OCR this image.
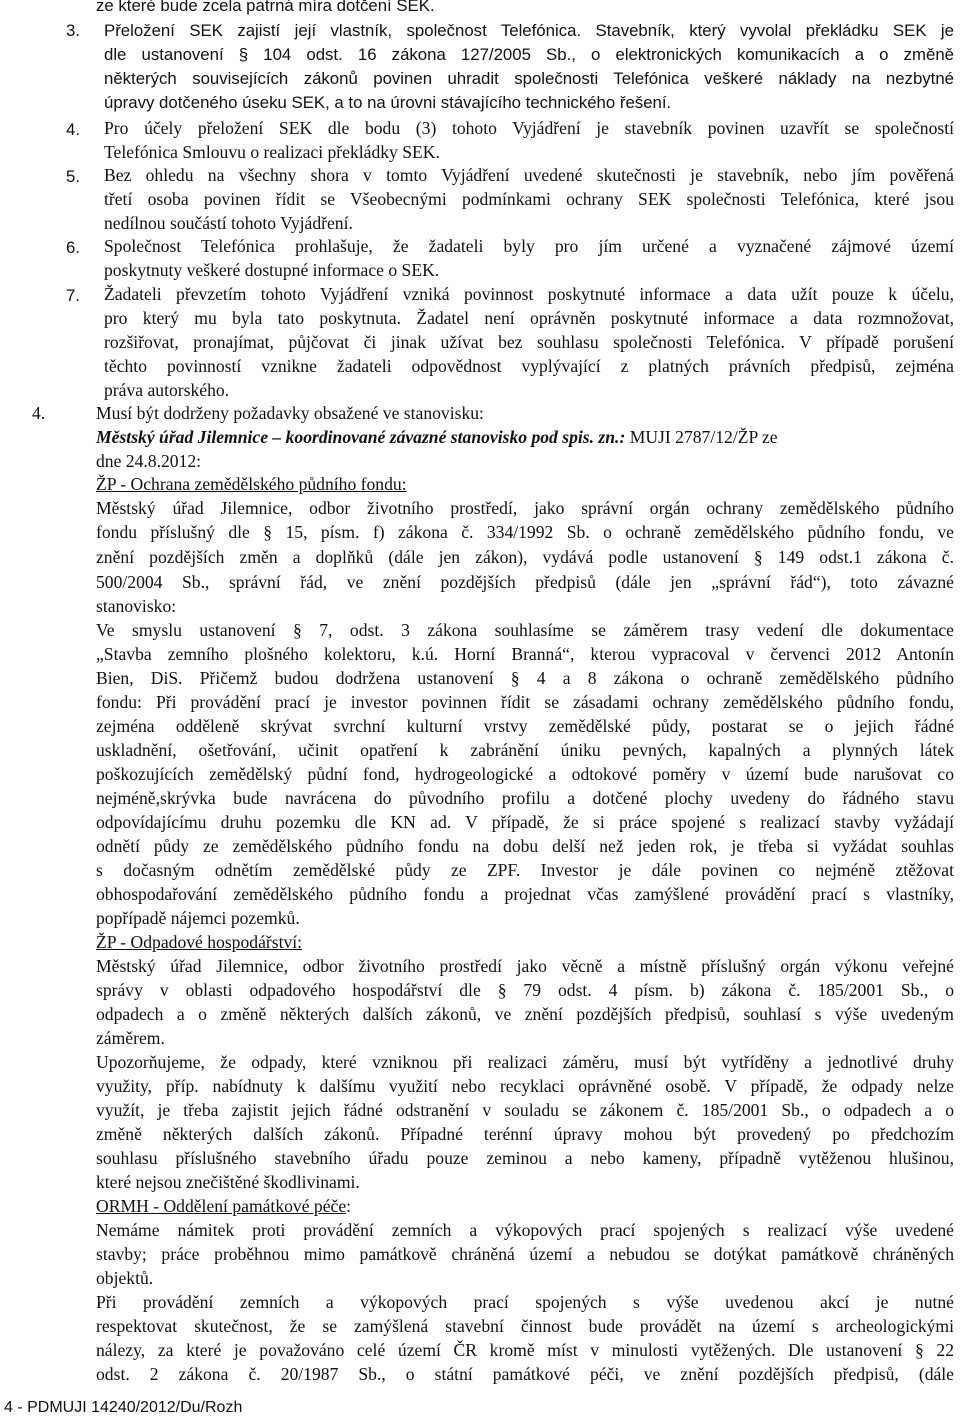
ze které bude zcela patrná míra dotčení SEK.
3. Přeložení SEK zajistí její vlastník, společnost Telefónica. Stavebník, který vyvolal překládku SEK je
dle ustanovení § 104 odst. 16 zákona 127/2005 Sb., o elektronických komunikacích a o změně
některých souvisejících zákonů povinen uhradit společnosti Telefónica veškeré náklady na nezbytné
úpravy dotčeného úseku SEK, a to na úrovni stávajícího technického řešení.
4. Pro účely přeložení SEK dle bodu (3) tohoto Vyjádření je stavebník povinen uzavřít se společností
Telefónica Smlouvu o realizaci překládky SEK.
5. Bez ohledu na všechny shora v tomto Vyjádření uvedené skutečnosti je stavebník, nebo jím pověřená
třetí osoba povinen řídit se Všeobecnými podmínkami ochrany SEK společnosti Telefónica, které jsou
nedílnou součástí tohoto Vyjádření.
6. Společnost Telefónica prohlašuje, že žadateli byly pro jím určené a vyznačené zájmové území
poskytnuty veškeré dostupné informace o SEK.
7. Žadateli převzetím tohoto Vyjádření vzniká povinnost poskytnuté informace a data užít pouze k účelu,
pro který mu byla tato poskytnuta. Žadatel není oprávněn poskytnuté informace a data rozmnožovat,
rozšiřovat, pronajímat, půjčovat či jinak užívat bez souhlasu společnosti Telefónica. V případě porušení
těchto povinností vznikne žadateli odpovědnost vyplývající z platných právních předpisů, zejména
práva autorského.
4.	Musí být dodrženy požadavky obsažené ve stanovisku:
Městský úřad Jilemnice – koordinované závazné stanovisko pod spis. zn.: MUJI 2787/12/ŽP ze
dne 24.8.2012:
ŽP - Ochrana zemědělského půdního fondu:
Městský úřad Jilemnice, odbor životního prostředí, jako správní orgán ochrany zemědělského půdního
fondu příslušný dle § 15, písm. f) zákona č. 334/1992 Sb. o ochraně zemědělského půdního fondu, ve
znění pozdějších změn a doplňků (dále jen zákon), vydává podle ustanovení § 149 odst.1 zákona č.
500/2004 Sb., správní řád, ve znění pozdějších předpisů (dále jen „správní řád“), toto závazné
stanovisko:
Ve smyslu ustanovení § 7, odst. 3 zákona souhlasíme se záměrem trasy vedení dle dokumentace
„Stavba zemního plošného kolektoru, k.ú. Horní Branná“, kterou vypracoval v červenci 2012 Antonín
Bien, DiS. Přičemž budou dodržena ustanovení § 4 a 8 zákona o ochraně zemědělského půdního
fondu: Při provádění prací je investor povinnen řídit se zásadami ochrany zemědělského půdního fondu,
zejména odděleně skrývat svrchní kulturní vrstvy zemědělské půdy, postarat se o jejich řádné
uskladnění, ošetřování, učinit opatření k zabránění úniku pevných, kapalných a plynných látek
poškozujících zemědělský půdní fond, hydrogeologické a odtokové poměry v území bude narušovat co
nejméně,skrývka bude navrácena do původního profilu a dotčené plochy uvedeny do řádného stavu
odpovídajícímu druhu pozemku dle KN ad. V případě, že si práce spojené s realizací stavby vyžádají
odnětí půdy ze zemědělského půdního fondu na dobu delší než jeden rok, je třeba si vyžádat souhlas
s dočasným odnětím zemědělské půdy ze ZPF. Investor je dále povinen co nejméně ztěžovat
obhospodařování zemědělského půdního fondu a projednat včas zamýšlené provádění prací s vlastníky,
popřípadě nájemci pozemků.
ŽP - Odpadové hospodářství:
Městský úřad Jilemnice, odbor životního prostředí jako věcně a místně příslušný orgán výkonu veřejné
správy v oblasti odpadového hospodářství dle § 79 odst. 4 písm. b) zákona č. 185/2001 Sb., o
odpadech a o změně některých dalších zákonů, ve znění pozdějších předpisů, souhlasí s výše uvedeným
záměrem.
Upozorňujeme, že odpady, které vzniknou při realizaci záměru, musí být vytříděny a jednotlivé druhy
využity, příp. nabídnuty k dalšímu využití nebo recyklaci oprávněné osobě. V případě, že odpady nelze
využít, je třeba zajistit jejich řádné odstranění v souladu se zákonem č. 185/2001 Sb., o odpadech a o
změně některých dalších zákonů. Případné terénní úpravy mohou být provedený po předchozím
souhlasu příslušného stavebního úřadu pouze zeminou a nebo kameny, případně vytěženou hlušinou,
které nejsou znečištěné škodlivinami.
ORMH - Oddělení památkové péče:
Nemáme námitek proti provádění zemních a výkopových prací spojených s realizací výše uvedené
stavby; práce proběhnou mimo památkově chráněná území a nebudou se dotýkat památkově chráněných
objektů.
Při provádění zemních a výkopových prací spojených s výše uvedenou akcí je nutné
respektovat skutečnost, že se zamýšlená stavební činnost bude provádět na území s archeologickými
nálezy, za které je považováno celé území ČR kromě míst v minulosti vytěžených. Dle ustanovení § 22
odst. 2 zákona č. 20/1987 Sb., o státní památkové péči, ve znění pozdějších předpisů, (dále
4 - PDMUJI 14240/2012/Du/Rozh
